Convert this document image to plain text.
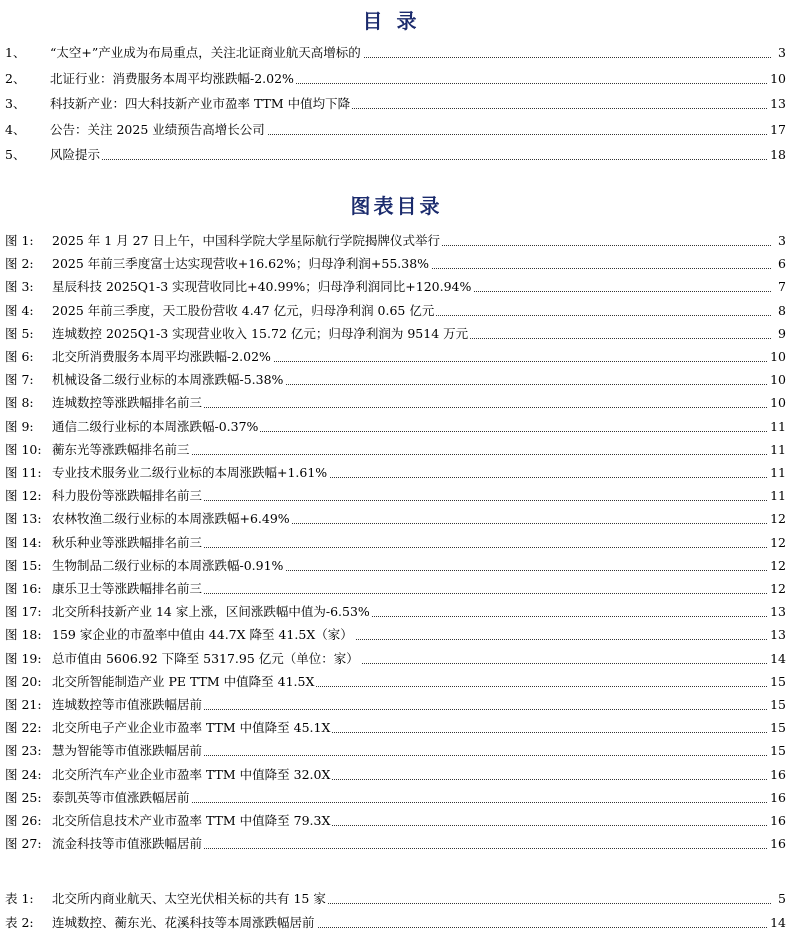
目录
1、 “太空+”产业成为布局重点，关注北证商业航天高增标的	3
2、 北证行业：消费服务本周平均涨跌幅-2.02%	10
3、 科技新产业：四大科技新产业市盈率 TTM 中值均下降	13
4、 公告：关注 2025 业绩预告高增长公司	17
5、 风险提示	18
图表目录
图 1: 2025 年 1 月 27 日上午，中国科学院大学星际航行学院揭牌仪式举行	3
图 2: 2025 年前三季度富士达实现营收+16.62%；归母净利润+55.38%	6
图 3: 星辰科技 2025Q1-3 实现营收同比+40.99%；归母净利润同比+120.94%	7
图 4: 2025 年前三季度，天工股份营收 4.47 亿元，归母净利润 0.65 亿元	8
图 5: 连城数控 2025Q1-3 实现营业收入 15.72 亿元；归母净利润为 9514 万元	9
图 6: 北交所消费服务本周平均涨跌幅-2.02%	10
图 7: 机械设备二级行业标的本周涨跌幅-5.38%	10
图 8: 连城数控等涨跌幅排名前三	10
图 9: 通信二级行业标的本周涨跌幅-0.37%	11
图 10: 蘅东光等涨跌幅排名前三	11
图 11: 专业技术服务业二级行业标的本周涨跌幅+1.61%	11
图 12: 科力股份等涨跌幅排名前三	11
图 13: 农林牧渔二级行业标的本周涨跌幅+6.49%	12
图 14: 秋乐种业等涨跌幅排名前三	12
图 15: 生物制品二级行业标的本周涨跌幅-0.91%	12
图 16: 康乐卫士等涨跌幅排名前三	12
图 17: 北交所科技新产业 14 家上涨，区间涨跌幅中值为-6.53%	13
图 18: 159 家企业的市盈率中值由 44.7X 降至 41.5X（家）	13
图 19: 总市值由 5606.92 下降至 5317.95 亿元（单位：家）	14
图 20: 北交所智能制造产业 PE TTM 中值降至 41.5X	15
图 21: 连城数控等市值涨跌幅居前	15
图 22: 北交所电子产业企业市盈率 TTM 中值降至 45.1X	15
图 23: 慧为智能等市值涨跌幅居前	15
图 24: 北交所汽车产业企业市盈率 TTM 中值降至 32.0X	16
图 25: 泰凯英等市值涨跌幅居前	16
图 26: 北交所信息技术产业市盈率 TTM 中值降至 79.3X	16
图 27: 流金科技等市值涨跌幅居前	16
表 1: 北交所内商业航天、太空光伏相关标的共有 15 家	5
表 2: 连城数控、蘅东光、花溪科技等本周涨跌幅居前	14
